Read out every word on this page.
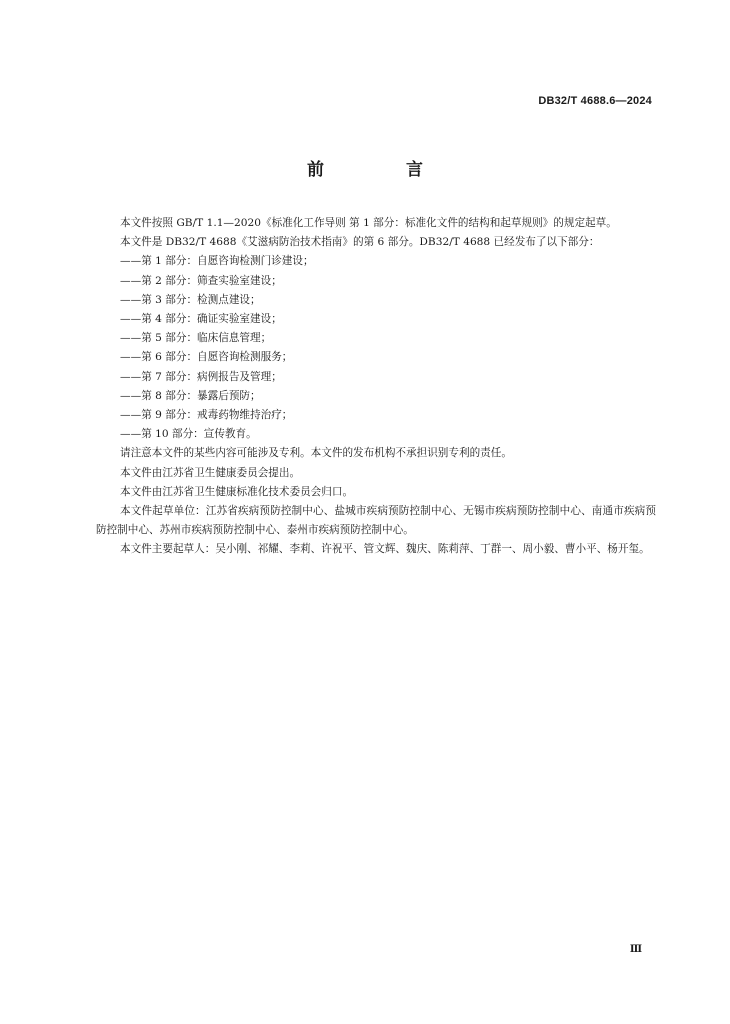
DB32/T 4688.6—2024
前 言

本文件按照 GB/T 1.1—2020《标准化工作导则 第 1 部分：标准化文件的结构和起草规则》的规定起草。

本文件是 DB32/T 4688《艾滋病防治技术指南》的第 6 部分。DB32/T 4688 已经发布了以下部分：

——第 1 部分：自愿咨询检测门诊建设；

——第 2 部分：筛查实验室建设；

——第 3 部分：检测点建设；

——第 4 部分：确证实验室建设；

——第 5 部分：临床信息管理；

——第 6 部分：自愿咨询检测服务；

——第 7 部分：病例报告及管理；

——第 8 部分：暴露后预防；

——第 9 部分：戒毒药物维持治疗；

——第 10 部分：宣传教育。

请注意本文件的某些内容可能涉及专利。本文件的发布机构不承担识别专利的责任。

本文件由江苏省卫生健康委员会提出。

本文件由江苏省卫生健康标准化技术委员会归口。

本文件起草单位：江苏省疾病预防控制中心、盐城市疾病预防控制中心、无锡市疾病预防控制中心、南通市疾病预防控制中心、苏州市疾病预防控制中心、泰州市疾病预防控制中心。

本文件主要起草人：吴小刚、祁耀、李莉、许祝平、管文辉、魏庆、陈莉萍、丁群一、周小毅、曹小平、杨开玺。

Ⅲ
